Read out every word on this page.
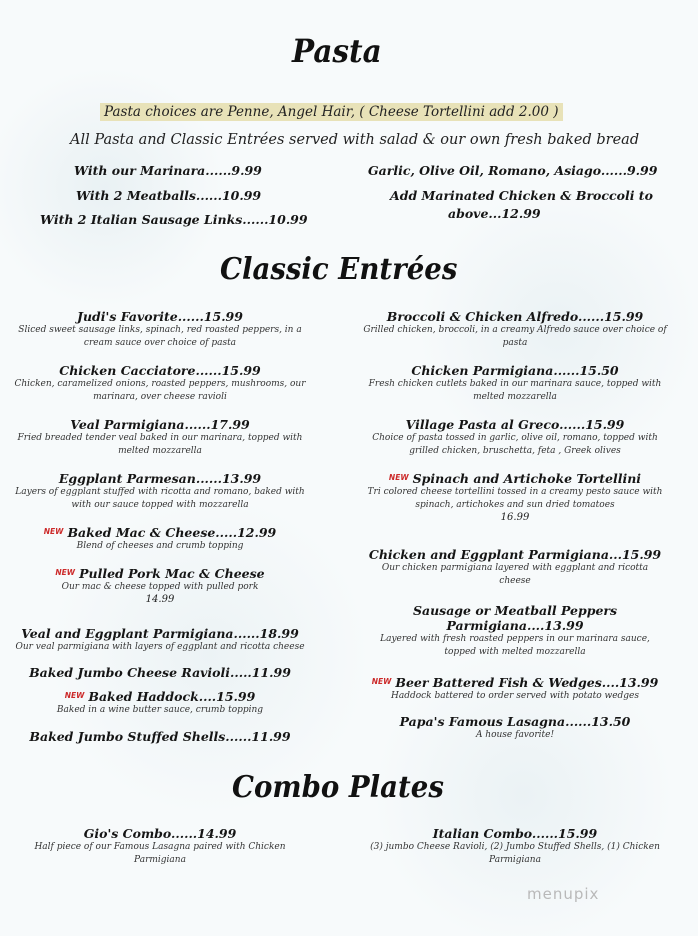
Pasta
Pasta choices are Penne, Angel Hair, ( Cheese Tortellini add 2.00 )
All Pasta and Classic Entrées served with salad & our own fresh baked bread
With our Marinara......9.99
With 2 Meatballs......10.99
With 2 Italian Sausage Links......10.99
Garlic, Olive Oil, Romano, Asiago......9.99
Add Marinated Chicken & Broccoli to
above...12.99
Classic Entrées
Judi's Favorite......15.99
Sliced sweet sausage links, spinach, red roasted peppers, in a cream sauce over choice of pasta
Chicken Cacciatore......15.99
Chicken, caramelized onions, roasted peppers, mushrooms, our marinara, over cheese ravioli
Veal Parmigiana......17.99
Fried breaded tender veal baked in our marinara, topped with melted mozzarella
Eggplant Parmesan......13.99
Layers of eggplant stuffed with ricotta and romano, baked with with our sauce topped with mozzarella
$^{NEW}$ Baked Mac & Cheese.....12.99
Blend of cheeses and crumb topping
$^{NEW}$ Pulled Pork Mac & Cheese
Our mac & cheese topped with pulled pork
14.99
Veal and Eggplant Parmigiana......18.99
Our veal parmigiana with layers of eggplant and ricotta cheese
Baked Jumbo Cheese Ravioli.....11.99
$^{NEW}$ Baked Haddock....15.99
Baked in a wine butter sauce, crumb topping
Baked Jumbo Stuffed Shells......11.99
Broccoli & Chicken Alfredo......15.99
Grilled chicken, broccoli, in a creamy Alfredo sauce over choice of pasta
Chicken Parmigiana......15.50
Fresh chicken cutlets baked in our marinara sauce, topped with melted mozzarella
Village Pasta al Greco......15.99
Choice of pasta tossed in garlic, olive oil, romano, topped with grilled chicken, bruschetta, feta , Greek olives
$^{NEW}$ Spinach and Artichoke Tortellini
Tri colored cheese tortellini tossed in a creamy pesto sauce with spinach, artichokes and sun dried tomatoes
16.99
Chicken and Eggplant Parmigiana...15.99
Our chicken parmigiana layered with eggplant and ricotta cheese
Sausage or Meatball Peppers
Parmigiana....13.99
Layered with fresh roasted peppers in our marinara sauce, topped with melted mozzarella
$^{NEW}$ Beer Battered Fish & Wedges....13.99
Haddock battered to order served with potato wedges
Papa's Famous Lasagna......13.50
A house favorite!
Combo Plates
Gio's Combo......14.99
Half piece of our Famous Lasagna paired with Chicken Parmigiana
Italian Combo......15.99
(3) jumbo Cheese Ravioli, (2) Jumbo Stuffed Shells, (1) Chicken Parmigiana
menupix
